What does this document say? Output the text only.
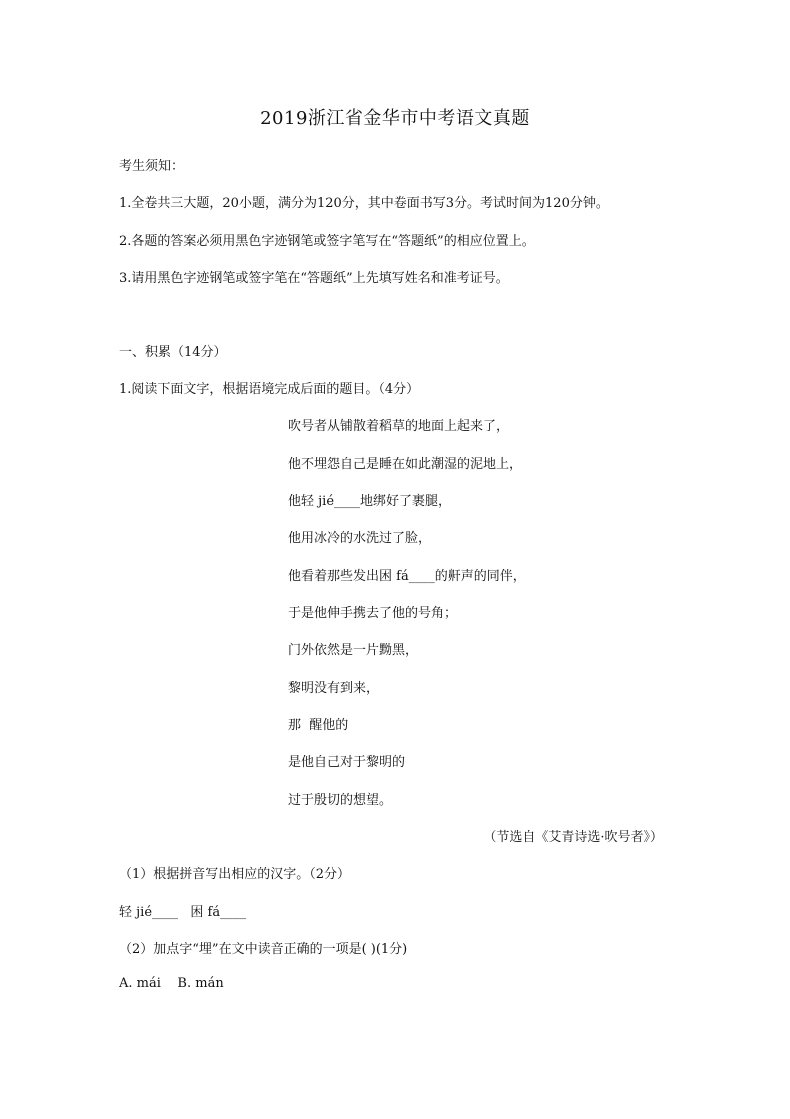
2019浙江省金华市中考语文真题
考生须知：
1.全卷共三大题，20小题，满分为120分，其中卷面书写3分。考试时间为120分钟。
2.各题的答案必须用黑色字迹钢笔或签字笔写在“答题纸”的相应位置上。
3.请用黑色字迹钢笔或签字笔在“答题纸”上先填写姓名和准考证号。
一、积累（14分）
1.阅读下面文字，根据语境完成后面的题目。（4分）
吹号者从铺散着稻草的地面上起来了，
他不埋怨自己是睡在如此潮湿的泥地上，
他轻 jié____地绑好了裹腿，
他用冰冷的水洗过了脸，
他看着那些发出困 fá____的鼾声的同伴，
于是他伸手携去了他的号角；
门外依然是一片黝黑，
黎明没有到来，
那  醒他的
是他自己对于黎明的
过于殷切的想望。
（节选自《艾青诗选·吹号者》）
（1）根据拼音写出相应的汉字。（2分）
轻 jié____   困 fá____
（2）加点字“埋”在文中读音正确的一项是( )(1分)
A. mái    B. mán
